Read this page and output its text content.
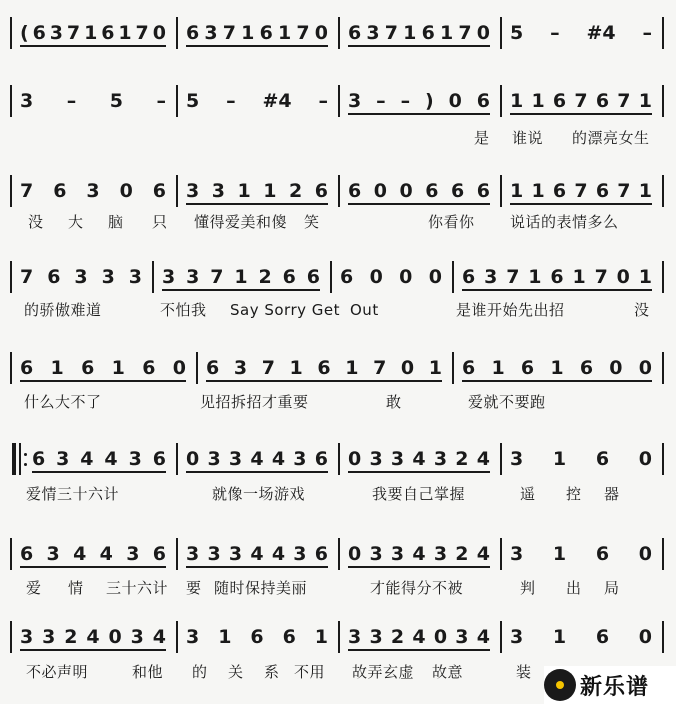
( 6 3 7 1 6 1 7 0 6 3 7 1 6 1 7 0 6 3 7 1 6 1 7 0 5 – #4 –
3 – 5 – 5 – #4 – 3 – – ) 0 6 1 1 6 7 6 7 1
是 谁说 的漂亮女生
7 6 3 0 6 3 3 1 1 2 6 6 0 0 6 6 6 1 1 6 7 6 7 1
没 大 脑 只 懂得爱美和傻 笑	你看你 说话的表情多么
7 6 3 3 3 3 3 7 1 2 6 6 6 0 0 0 6 3 7 1 6 1 7 0 1
的骄傲难道	不怕我 Say Sorry Get Out	是谁开始先出招	没
6 1 6 1 6 0 6 3 7 1 6 1 7 0 1 6 1 6 1 6 0 0
什么大不了	见招拆招才重要	敢	爱就不要跑
6 3 4 4 3 6 0 3 3 4 4 3 6 0 3 3 4 3 2 4 3 1 6 0
爱情三十六计	就像一场游戏	我要自己掌握	遥 控 器
6 3 4 4 3 6 3 3 3 4 4 3 6 0 3 3 4 3 2 4 3 1 6 0
爱 情 三十六计 要 随时保持美丽	才能得分不被	判 出 局
3 3 2 4 0 3 4 3 1 6 6 1 3 3 2 4 0 3 4 3 1 6 0
不必声明	和他 的 关 系 不用 故弄玄虚 故意	装
新乐谱
